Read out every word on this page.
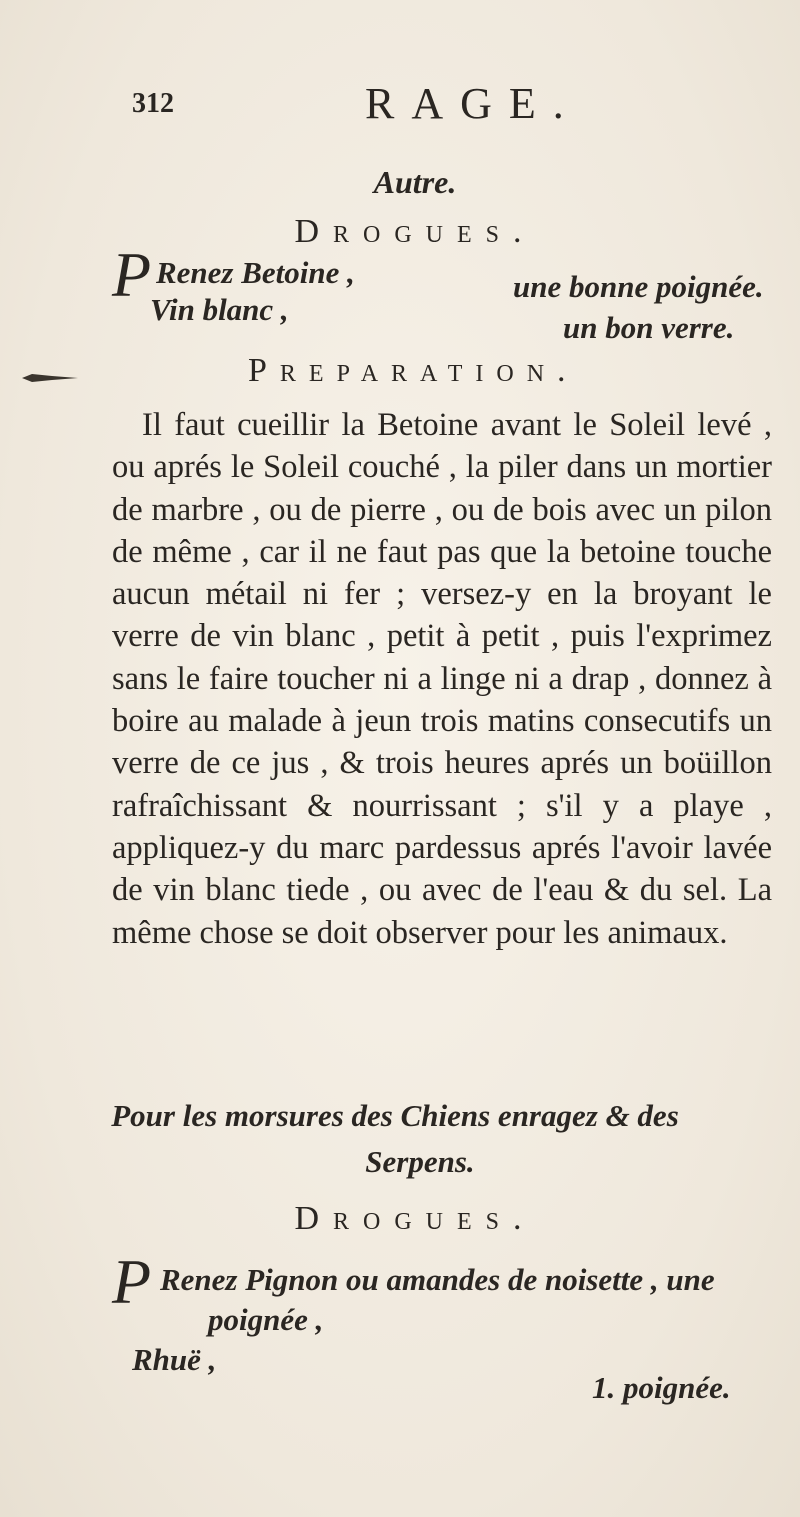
312	RAGE.
Autre.
Drogues.
P Renez Betoine ,	une bonne poignée.
Vin blanc ,
un bon verre.
Preparation.

Il faut cueillir la Betoine avant le Soleil levé , ou aprés le Soleil couché , la piler dans un mortier de marbre , ou de pierre , ou de bois avec un pilon de même , car il ne faut pas que la betoine touche aucun métail ni fer ; versez-y en la broyant le verre de vin blanc , petit à petit , puis l'exprimez sans le faire toucher ni a linge ni a drap , donnez à boire au malade à jeun trois matins consecutifs un verre de ce jus , & trois heures aprés un boüillon rafraîchissant & nourrissant ; s'il y a playe , appliquez-y du marc pardessus aprés l'avoir lavée de vin blanc tiede , ou avec de l'eau & du sel. La même chose se doit observer pour les animaux.

Pour les morsures des Chiens enragez & des
Serpens.

Drogues.
P Renez Pignon ou amandes de noisette , une
poignée ,
Rhuë ,
1. poignée.
